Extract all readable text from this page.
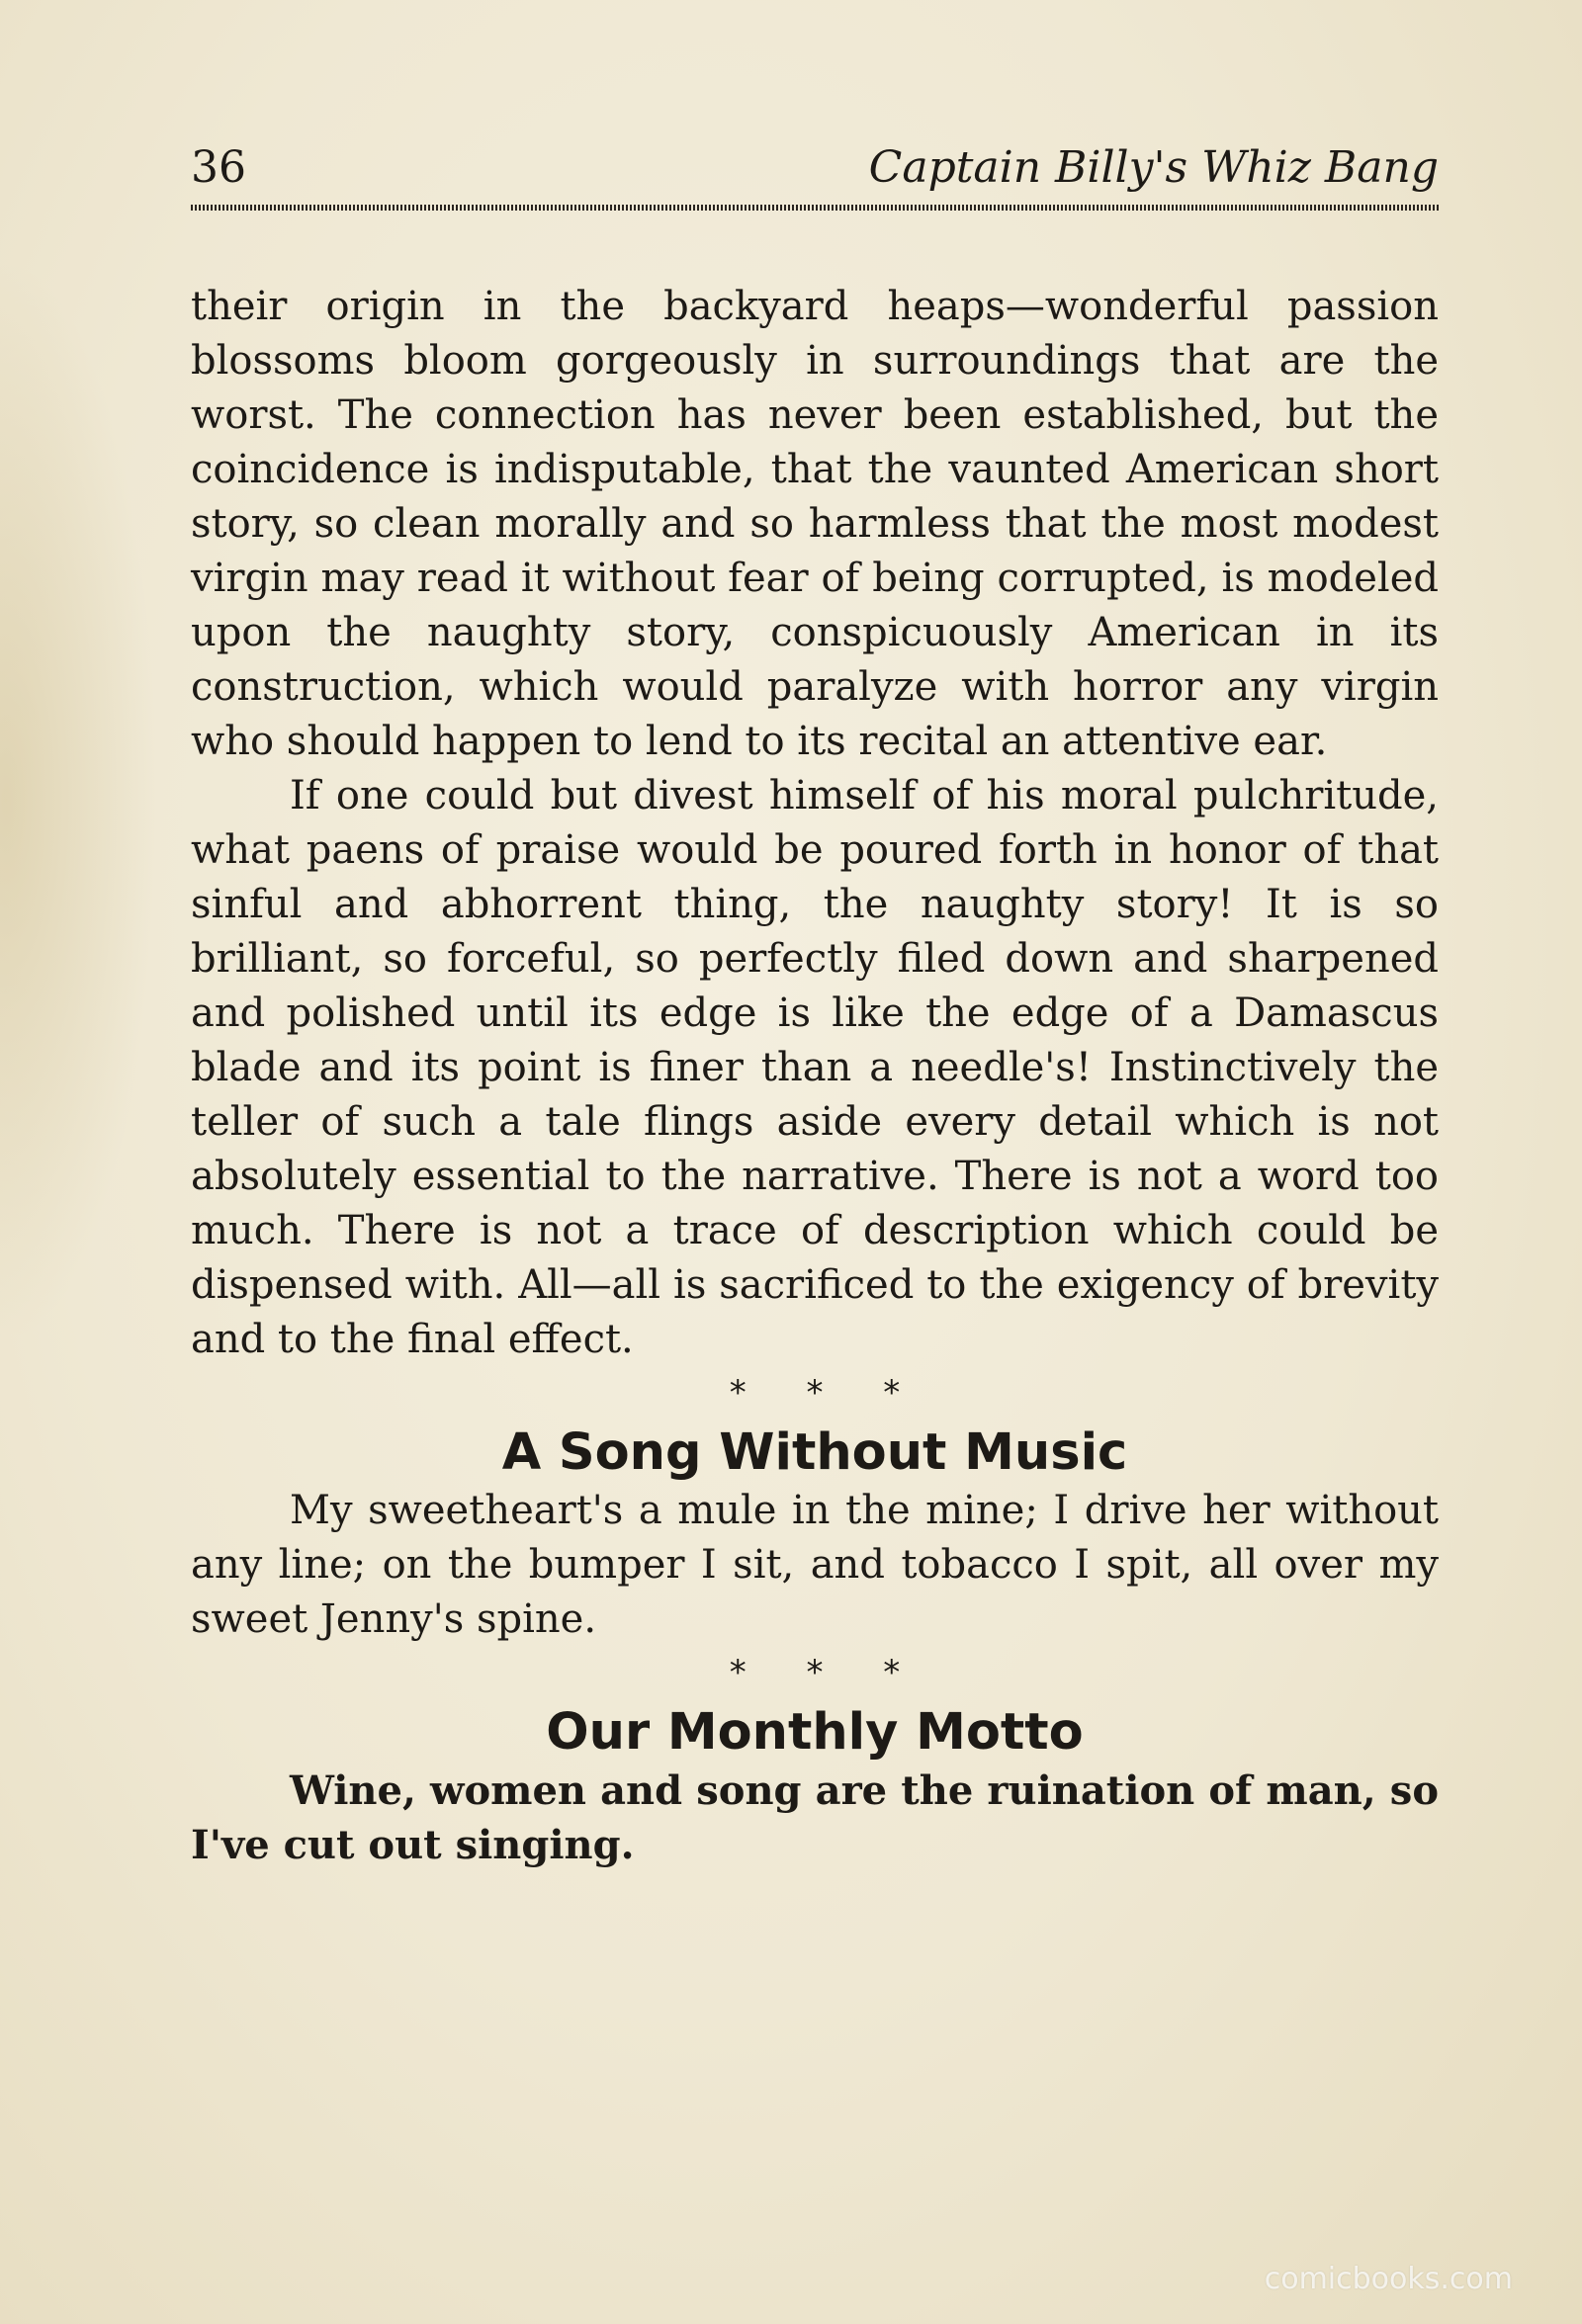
36	Captain Billy's Whiz Bang

their origin in the backyard heaps—wonderful passion blossoms bloom gorgeously in surroundings that are the worst. The connection has never been established, but the coincidence is indisputable, that the vaunted American short story, so clean morally and so harmless that the most modest virgin may read it without fear of being corrupted, is modeled upon the naughty story, conspicuously American in its construction, which would paralyze with horror any virgin who should happen to lend to its recital an attentive ear.

If one could but divest himself of his moral pulchritude, what paens of praise would be poured forth in honor of that sinful and abhorrent thing, the naughty story! It is so brilliant, so forceful, so perfectly filed down and sharpened and polished until its edge is like the edge of a Damascus blade and its point is finer than a needle's! Instinctively the teller of such a tale flings aside every detail which is not absolutely essential to the narrative. There is not a word too much. There is not a trace of description which could be dispensed with. All—all is sacrificed to the exigency of brevity and to the final effect.

* * *
A Song Without Music

My sweetheart's a mule in the mine; I drive her without any line; on the bumper I sit, and tobacco I spit, all over my sweet Jenny's spine.

* * *
Our Monthly Motto

Wine, women and song are the ruination of man, so I've cut out singing.

comicbooks.com
